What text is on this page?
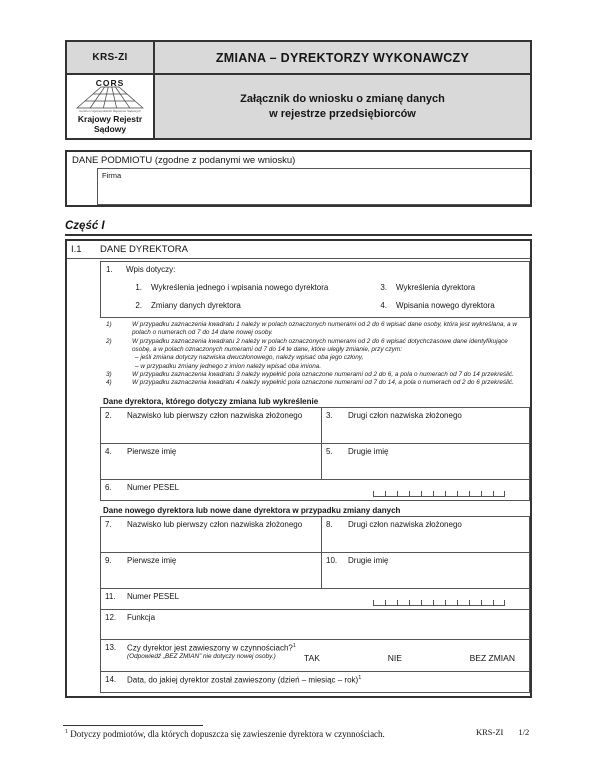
KRS-ZI	ZMIANA – DYREKTORZY WYKONAWCZY
CORS
Centrum Ogólnopolskich Rejestrów Sądowych
Krajowy Rejestr
Sądowy
Załącznik do wniosku o zmianę danych
w rejestrze przedsiębiorców
DANE PODMIOTU (zgodne z podanymi we wniosku)
Firma
Część I
I.1	DANE DYREKTORA
1.	Wpis dotyczy:
1. Wykreślenia jednego i wpisania nowego dyrektora	3. Wykreślenia dyrektora
2. Zmiany danych dyrektora	4. Wpisania nowego dyrektora
1)	W przypadku zaznaczenia kwadratu 1 należy w polach oznaczonych numerami od 2 do 6 wpisać dane osoby, która jest wykreślana, a w polach o numerach od 7 do 14 dane nowej osoby.
2)	W przypadku zaznaczenia kwadratu 2 należy w polach oznaczonych numerami od 2 do 6 wpisać dotychczasowe dane identyfikujące osobę, a w polach oznaczonych numerami od 7 do 14 te dane, które uległy zmianie, przy czym:
– jeśli zmiana dotyczy nazwiska dwuczłonowego, należy wpisać oba jego człony,
– w przypadku zmiany jednego z imion należy wpisać oba imiona.
3)	W przypadku zaznaczenia kwadratu 3 należy wypełnić pola oznaczone numerami od 2 do 6, a pola o numerach od 7 do 14 przekreślić.
4)	W przypadku zaznaczenia kwadratu 4 należy wypełnić pola oznaczone numerami od 7 do 14, a pola o numerach od 2 do 6 przekreślić.
Dane dyrektora, którego dotyczy zmiana lub wykreślenie
2.	Nazwisko lub pierwszy człon nazwiska złożonego	3.	Drugi człon nazwiska złożonego
4.	Pierwsze imię	5.	Drugie imię
6.	Numer PESEL
Dane nowego dyrektora lub nowe dane dyrektora w przypadku zmiany danych
7.	Nazwisko lub pierwszy człon nazwiska złożonego	8.	Drugi człon nazwiska złożonego
9.	Pierwsze imię	10. Drugie imię
11.	Numer PESEL
12. Funkcja
13. Czy dyrektor jest zawieszony w czynnościach?$^1$
(Odpowiedź „BEZ ZMIAN” nie dotyczy nowej osoby.)	TAK	NIE	BEZ ZMIAN
14. Data, do jakiej dyrektor został zawieszony (dzień – miesiąc – rok)$^1$
$^1$ Dotyczy podmiotów, dla których dopuszcza się zawieszenie dyrektora w czynnościach.	KRS-ZI 1/2
